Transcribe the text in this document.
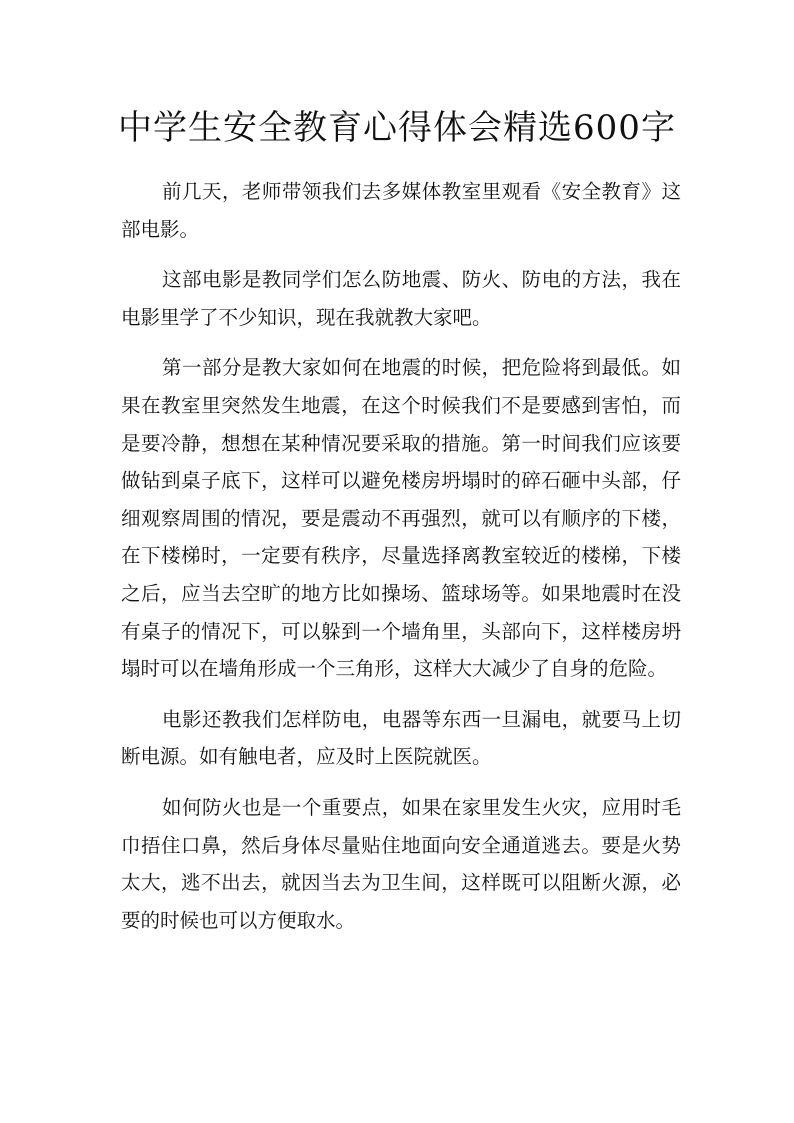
中学生安全教育心得体会精选600字

前几天，老师带领我们去多媒体教室里观看《安全教育》这部电影。

这部电影是教同学们怎么防地震、防火、防电的方法，我在电影里学了不少知识，现在我就教大家吧。

第一部分是教大家如何在地震的时候，把危险将到最低。如果在教室里突然发生地震，在这个时候我们不是要感到害怕，而是要冷静，想想在某种情况要采取的措施。第一时间我们应该要做钻到桌子底下，这样可以避免楼房坍塌时的碎石砸中头部，仔细观察周围的情况，要是震动不再强烈，就可以有顺序的下楼，在下楼梯时，一定要有秩序，尽量选择离教室较近的楼梯，下楼之后，应当去空旷的地方比如操场、篮球场等。如果地震时在没有桌子的情况下，可以躲到一个墙角里，头部向下，这样楼房坍塌时可以在墙角形成一个三角形，这样大大减少了自身的危险。

电影还教我们怎样防电，电器等东西一旦漏电，就要马上切断电源。如有触电者，应及时上医院就医。

如何防火也是一个重要点，如果在家里发生火灾，应用时毛巾捂住口鼻，然后身体尽量贴住地面向安全通道逃去。要是火势太大，逃不出去，就因当去为卫生间，这样既可以阻断火源，必要的时候也可以方便取水。
